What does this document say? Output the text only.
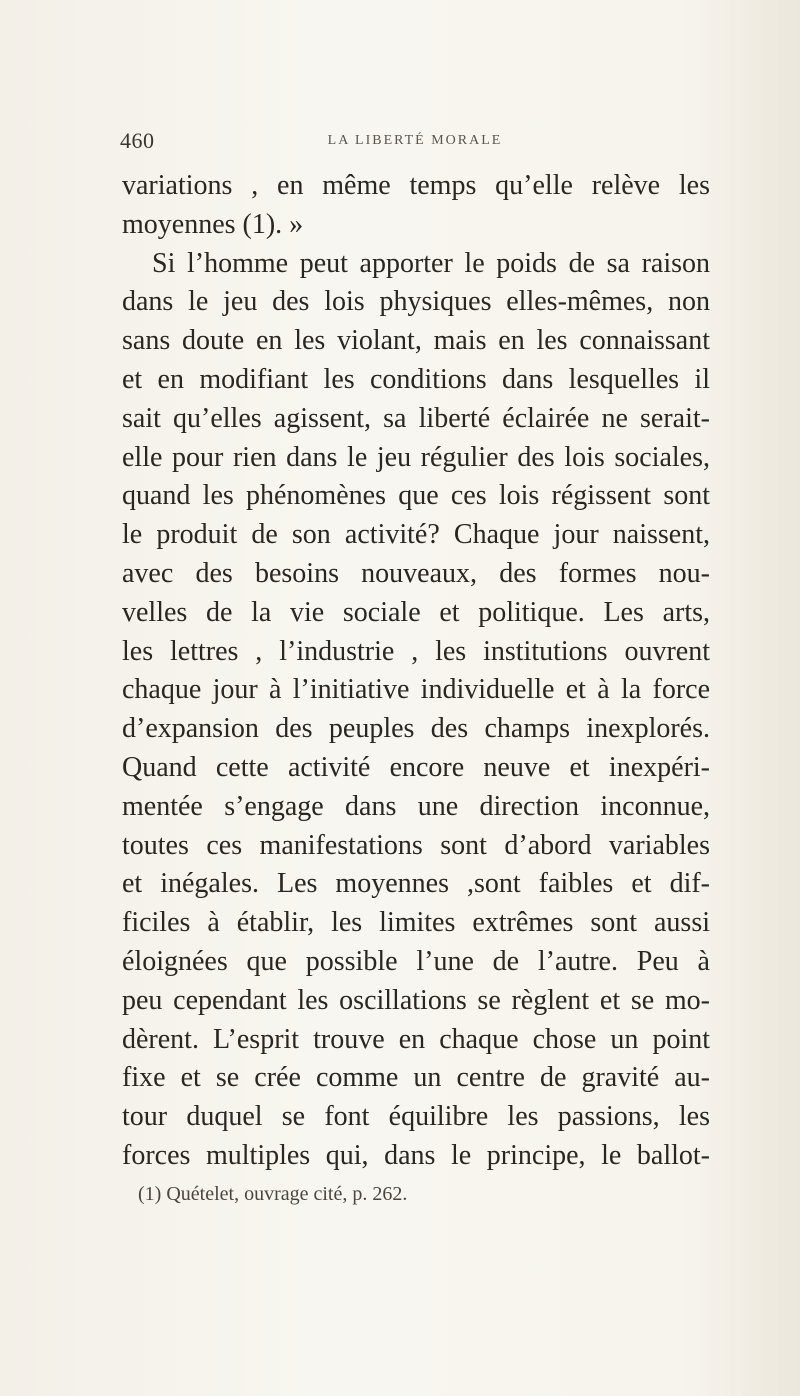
460	LA LIBERTÉ MORALE
variations , en même temps qu’elle relève les
moyennes (1). »
Si l’homme peut apporter le poids de sa raison
dans le jeu des lois physiques elles-mêmes, non
sans doute en les violant, mais en les connaissant
et en modifiant les conditions dans lesquelles il
sait qu’elles agissent, sa liberté éclairée ne serait-
elle pour rien dans le jeu régulier des lois sociales,
quand les phénomènes que ces lois régissent sont
le produit de son activité? Chaque jour naissent,
avec des besoins nouveaux, des formes nou-
velles de la vie sociale et politique. Les arts,
les lettres , l’industrie , les institutions ouvrent
chaque jour à l’initiative individuelle et à la force
d’expansion des peuples des champs inexplorés.
Quand cette activité encore neuve et inexpéri-
mentée s’engage dans une direction inconnue,
toutes ces manifestations sont d’abord variables
et inégales. Les moyennes ,sont faibles et dif-
ficiles à établir, les limites extrêmes sont aussi
éloignées que possible l’une de l’autre. Peu à
peu cependant les oscillations se règlent et se mo-
dèrent. L’esprit trouve en chaque chose un point
fixe et se crée comme un centre de gravité au-
tour duquel se font équilibre les passions, les
forces multiples qui, dans le principe, le ballot-
(1) Quételet, ouvrage cité, p. 262.
